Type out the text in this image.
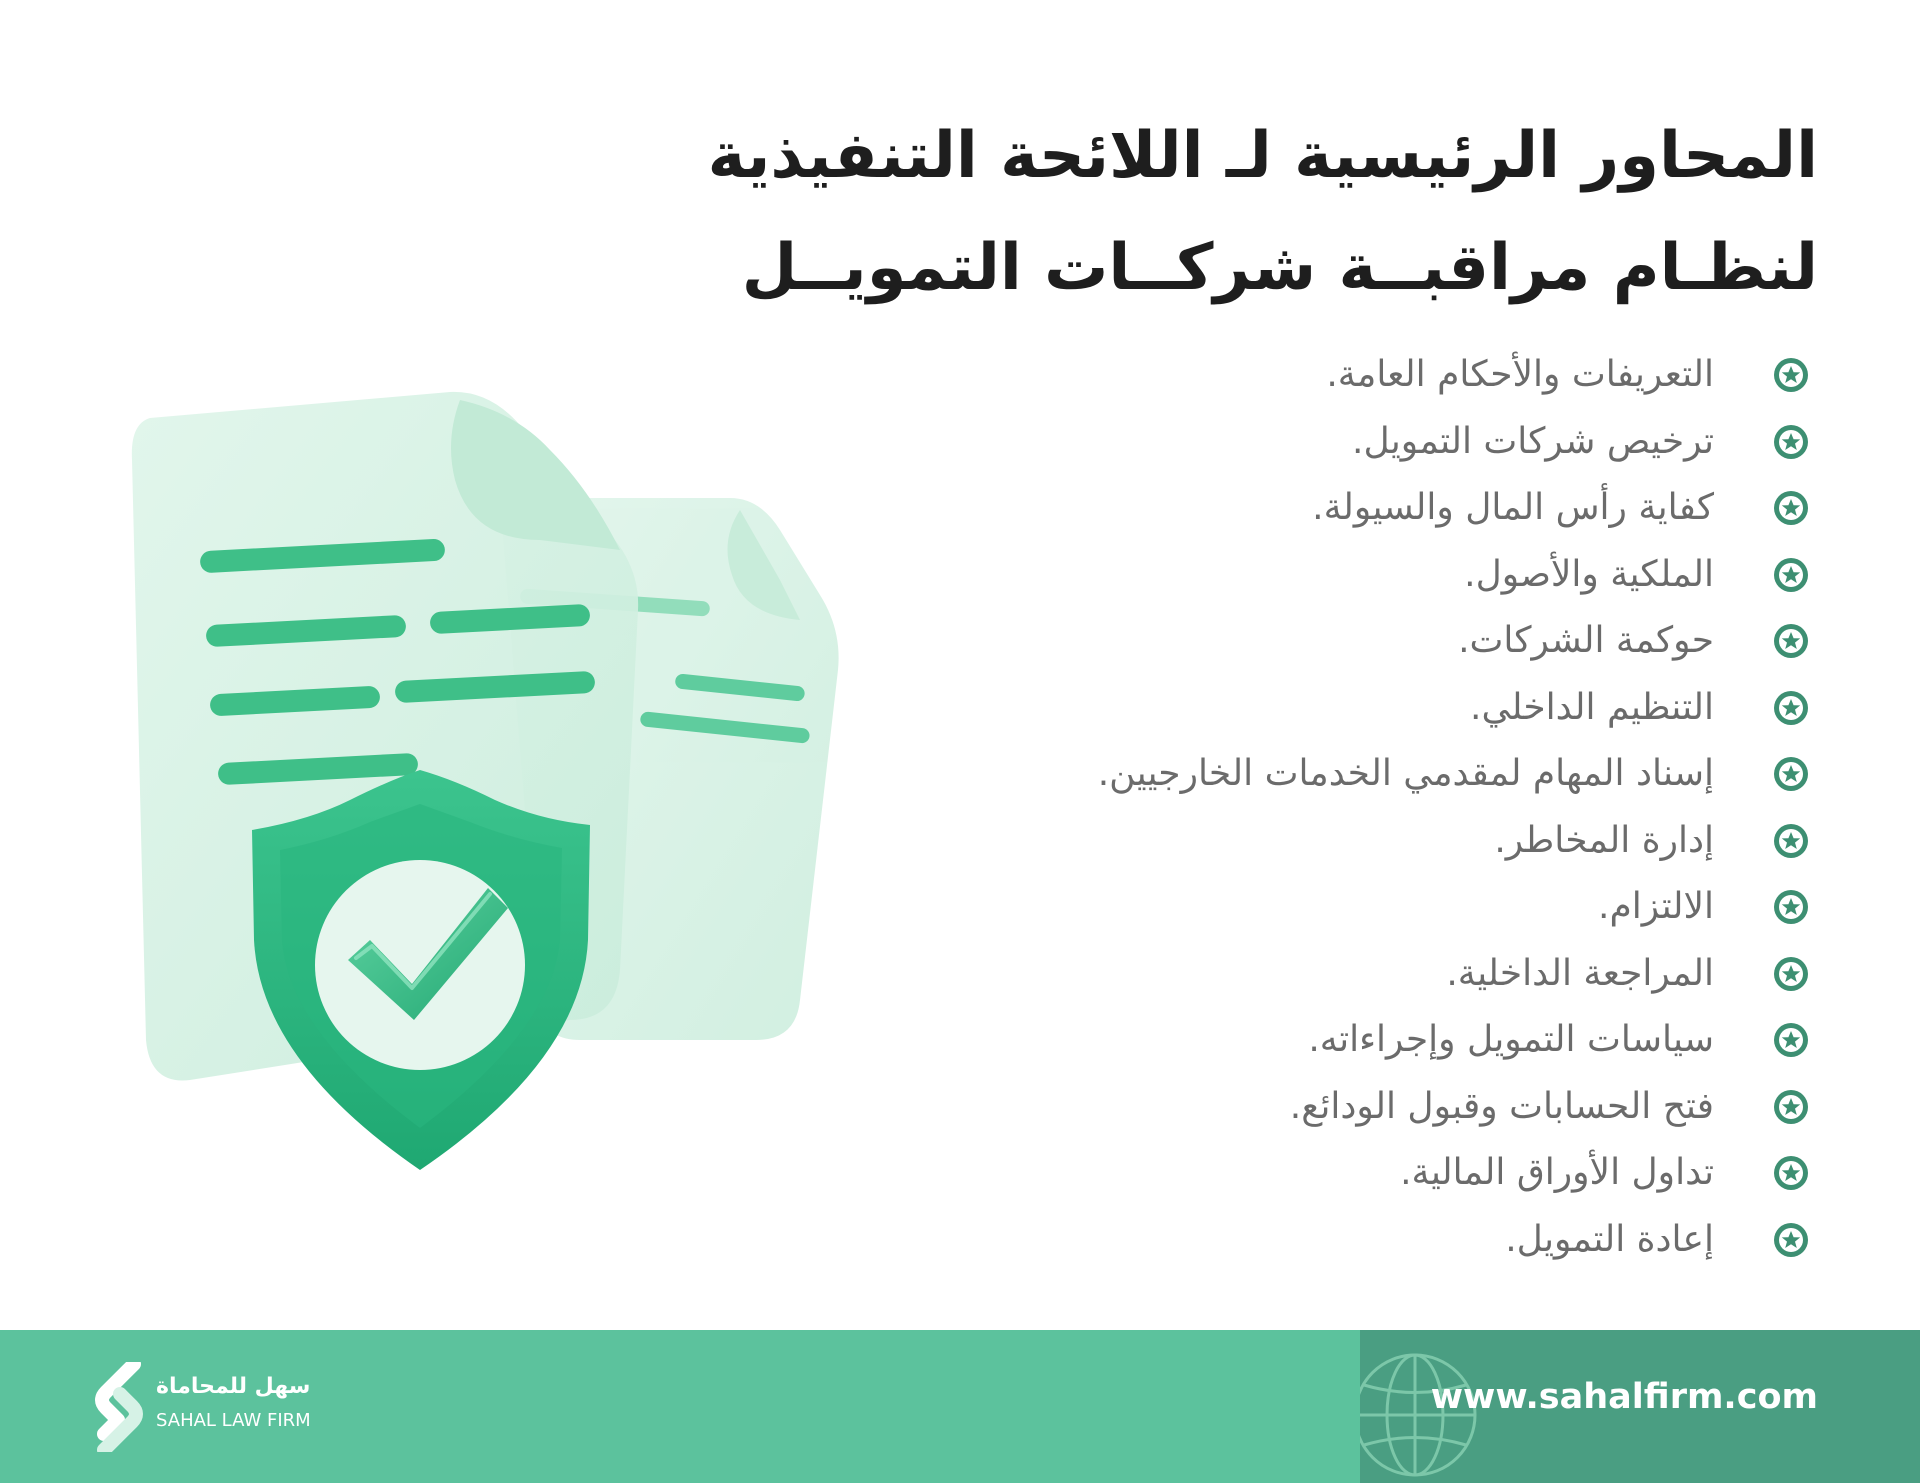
المحاور الرئيسية لـ اللائحة التنفيذية
لنظـام مراقبــة شركــات التمويــل
التعريفات والأحكام العامة.
ترخيص شركات التمويل.
كفاية رأس المال والسيولة.
الملكية والأصول.
حوكمة الشركات.
التنظيم الداخلي.
إسناد المهام لمقدمي الخدمات الخارجيين.
إدارة المخاطر.
الالتزام.
المراجعة الداخلية.
سياسات التمويل وإجراءاته.
فتح الحسابات وقبول الودائع.
تداول الأوراق المالية.
إعادة التمويل.
سهل للمحاماة
SAHAL LAW FIRM
www.sahalfirm.com
